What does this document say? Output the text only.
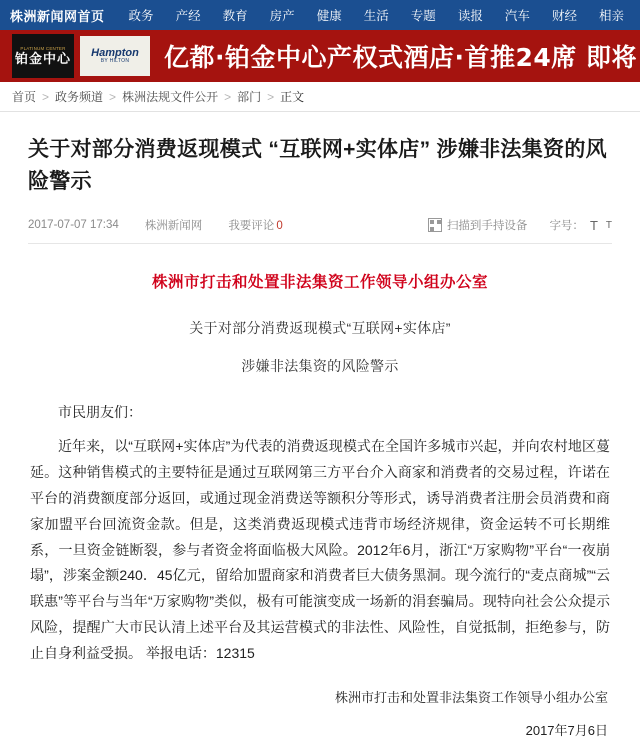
株洲新闻网首页	政务	产经	教育	房产	健康	生活	专题	读报	汽车	财经	相亲
PLATINUM CENTER
铂金中心 Hampton
BY HILTON 亿都·铂金中心产权式酒店·首推24席 即将
首页 > 政务频道 > 株洲法规文件公开 > 部门 > 正文
关于对部分消费返现模式 “互联网+实体店” 涉嫌非法集资的风险警示
2017-07-07 17:34 株洲新闻网 我要评论 0	扫描到手持设备 字号： T T
株洲市打击和处置非法集资工作领导小组办公室
关于对部分消费返现模式“互联网+实体店”
涉嫌非法集资的风险警示
市民朋友们：

近年来，以“互联网+实体店”为代表的消费返现模式在全国许多城市兴起，并向农村地区蔓延。这种销售模式的主要特征是通过互联网第三方平台介入商家和消费者的交易过程，许诺在平台的消费额度部分返回，或通过现金消费送等额积分等形式，诱导消费者注册会员消费和商家加盟平台回流资金款。但是，这类消费返现模式违背市场经济规律，资金运转不可长期维系，一旦资金链断裂，参与者资金将面临极大风险。2012年6月，浙江“万家购物”平台“一夜崩塌”，涉案金额240．45亿元，留给加盟商家和消费者巨大债务黑洞。现今流行的“麦点商城”“云联惠”等平台与当年“万家购物”类似，极有可能演变成一场新的涓套骗局。现特向社会公众提示风险，提醒广大市民认清上述平台及其运营模式的非法性、风险性，自觉抵制，拒绝参与，防止自身利益受损。 举报电话：12315

株洲市打击和处置非法集资工作领导小组办公室
2017年7月6日
